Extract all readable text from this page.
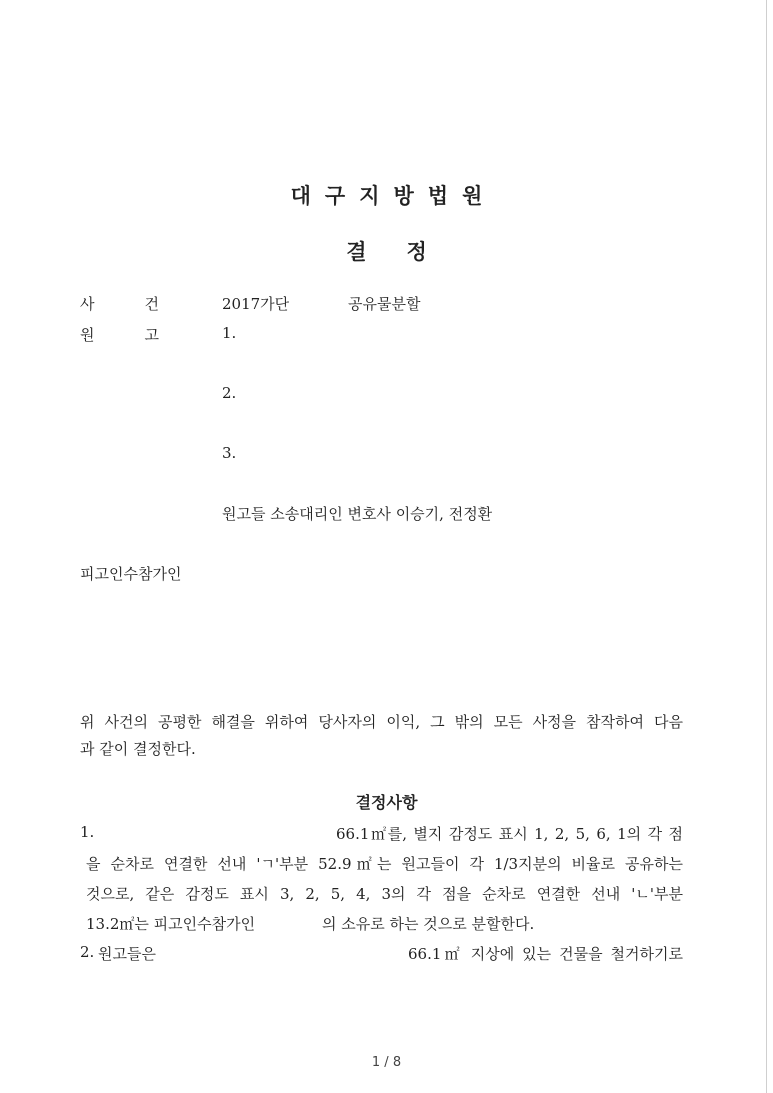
대구지방법원
결정
사건 2017가단	공유물분할
원고 1.
2.
3.
원고들 소송대리인 변호사 이승기, 전정환
피고인수참가인
위 사건의 공평한 해결을 위하여 당사자의 이익, 그 밖의 모든 사정을 참작하여 다음
과 같이 결정한다.
결정사항
1.	66.1㎡를, 별지 감정도 표시 1, 2, 5, 6, 1의 각 점
을 순차로 연결한 선내 'ㄱ'부분 52.9㎡는 원고들이 각 1/3지분의 비율로 공유하는
것으로, 같은 감정도 표시 3, 2, 5, 4, 3의 각 점을 순차로 연결한 선내 'ㄴ'부분
13.2㎡는 피고인수참가인	의 소유로 하는 것으로 분할한다.
2. 원고들은	66.1㎡ 지상에 있는 건물을 철거하기로
1 / 8
